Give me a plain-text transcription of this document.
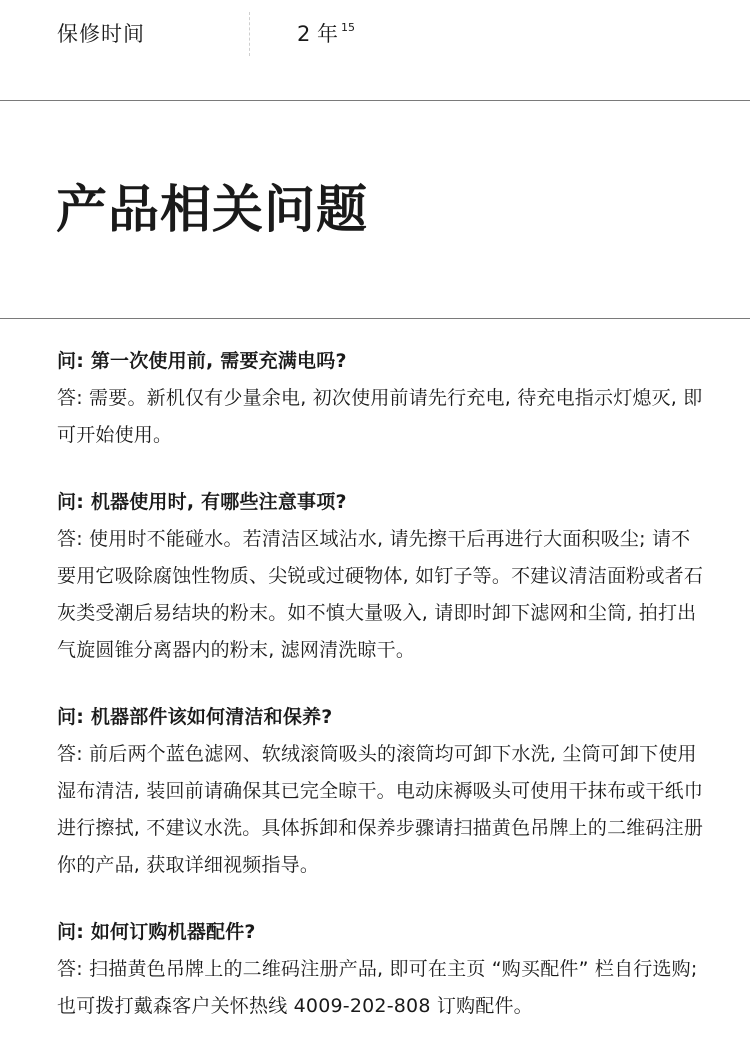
保修时间	2 年 $^{15}$
产品相关问题
问: 第一次使用前, 需要充满电吗?
答: 需要。新机仅有少量余电, 初次使用前请先行充电, 待充电指示灯熄灭, 即可开始使用。
问: 机器使用时, 有哪些注意事项?
答: 使用时不能碰水。若清洁区域沾水, 请先擦干后再进行大面积吸尘; 请不要用它吸除腐蚀性物质、尖锐或过硬物体, 如钉子等。不建议清洁面粉或者石灰类受潮后易结块的粉末。如不慎大量吸入, 请即时卸下滤网和尘筒, 拍打出气旋圆锥分离器内的粉末, 滤网清洗晾干。
问: 机器部件该如何清洁和保养?
答: 前后两个蓝色滤网、软绒滚筒吸头的滚筒均可卸下水洗, 尘筒可卸下使用湿布清洁, 装回前请确保其已完全晾干。电动床褥吸头可使用干抹布或干纸巾进行擦拭, 不建议水洗。具体拆卸和保养步骤请扫描黄色吊牌上的二维码注册你的产品, 获取详细视频指导。
问: 如何订购机器配件?
答: 扫描黄色吊牌上的二维码注册产品, 即可在主页 “购买配件” 栏自行选购; 也可拨打戴森客户关怀热线 4009-202-808 订购配件。
